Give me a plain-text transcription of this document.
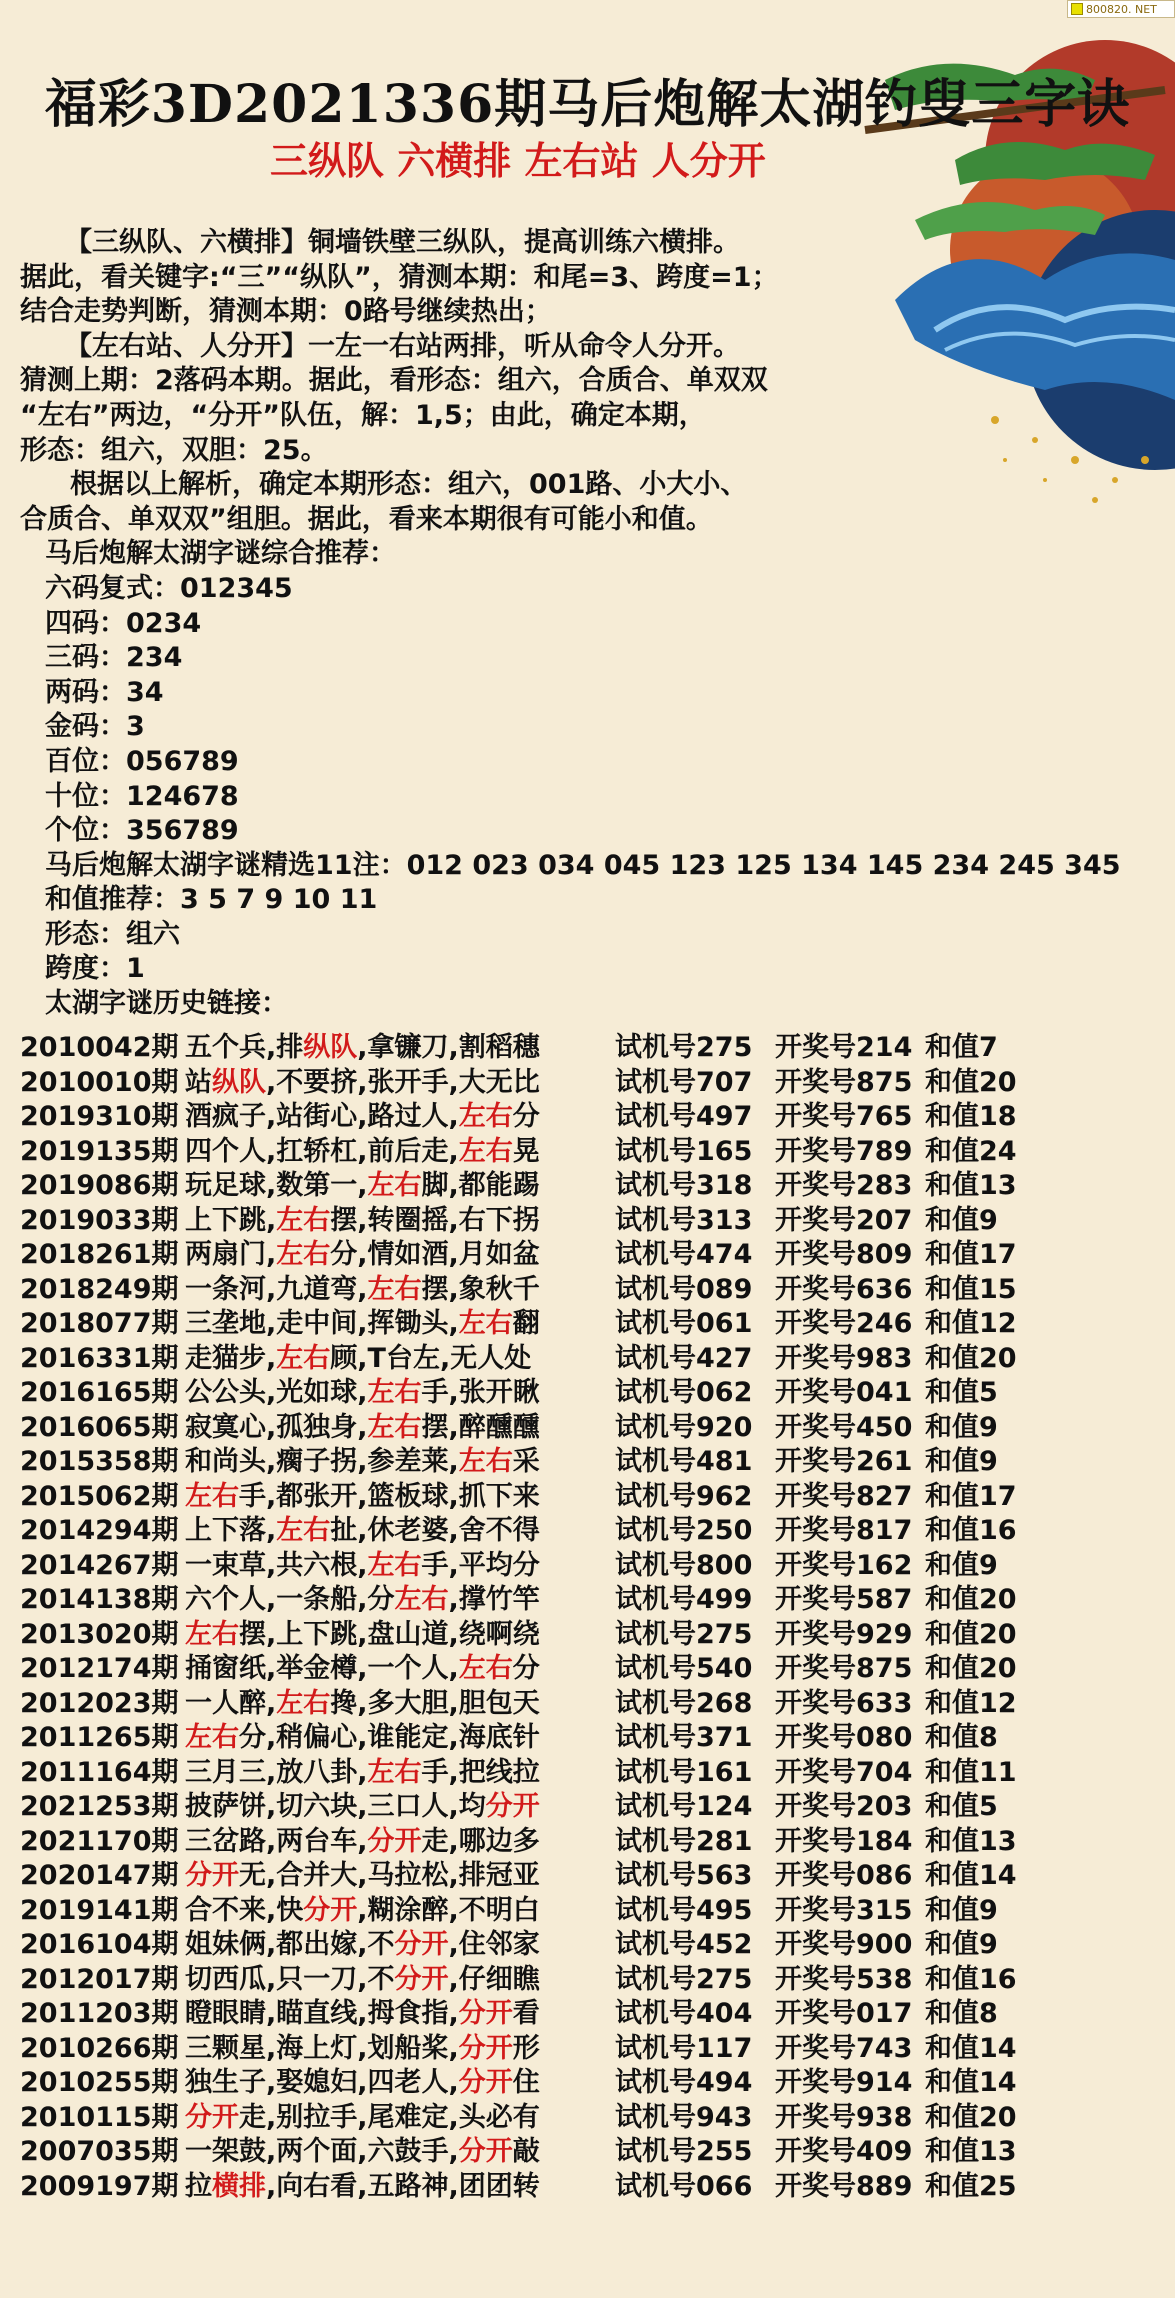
800820. NET
福彩3D2021336期马后炮解太湖钓叟三字诀
三纵队 六横排 左右站 人分开
【三纵队、六横排】铜墙铁壁三纵队，提高训练六横排。
据此，看关键字:“三”“纵队”，猜测本期：和尾=3、跨度=1；
结合走势判断，猜测本期：0路号继续热出；
【左右站、人分开】一左一右站两排，听从命令人分开。
猜测上期：2落码本期。据此，看形态：组六，合质合、单双双
“左右”两边，“分开”队伍，解：1,5；由此，确定本期，
形态：组六，双胆：25。
根据以上解析，确定本期形态：组六，001路、小大小、
合质合、单双双”组胆。据此，看来本期很有可能小和值。
马后炮解太湖字谜综合推荐：
六码复式：012345
四码：0234
三码：234
两码：34
金码：3
百位：056789
十位：124678
个位：356789
马后炮解太湖字谜精选11注：012 023 034 045 123 125 134 145 234 245 345
和值推荐：3 5 7 9 10 11
形态：组六
跨度：1
太湖字谜历史链接：
2010042期 五个兵,排纵队,拿镰刀,割稻穗	试机号275 开奖号214 和值7
2010010期 站纵队,不要挤,张开手,大无比	试机号707 开奖号875 和值20
2019310期 酒疯子,站街心,路过人,左右分	试机号497 开奖号765 和值18
2019135期 四个人,扛轿杠,前后走,左右晃	试机号165 开奖号789 和值24
2019086期 玩足球,数第一,左右脚,都能踢	试机号318 开奖号283 和值13
2019033期 上下跳,左右摆,转圈摇,右下拐	试机号313 开奖号207 和值9
2018261期 两扇门,左右分,情如酒,月如盆	试机号474 开奖号809 和值17
2018249期 一条河,九道弯,左右摆,象秋千	试机号089 开奖号636 和值15
2018077期 三垄地,走中间,挥锄头,左右翻	试机号061 开奖号246 和值12
2016331期 走猫步,左右顾,T台左,无人处	试机号427 开奖号983 和值20
2016165期 公公头,光如球,左右手,张开瞅	试机号062 开奖号041 和值5
2016065期 寂寞心,孤独身,左右摆,醉醺醺	试机号920 开奖号450 和值9
2015358期 和尚头,瘸子拐,参差莱,左右采	试机号481 开奖号261 和值9
2015062期 左右手,都张开,篮板球,抓下来	试机号962 开奖号827 和值17
2014294期 上下落,左右扯,休老婆,舍不得	试机号250 开奖号817 和值16
2014267期 一束草,共六根,左右手,平均分	试机号800 开奖号162 和值9
2014138期 六个人,一条船,分左右,撑竹竿	试机号499 开奖号587 和值20
2013020期 左右摆,上下跳,盘山道,绕啊绕	试机号275 开奖号929 和值20
2012174期 捅窗纸,举金樽,一个人,左右分	试机号540 开奖号875 和值20
2012023期 一人醉,左右搀,多大胆,胆包天	试机号268 开奖号633 和值12
2011265期 左右分,稍偏心,谁能定,海底针	试机号371 开奖号080 和值8
2011164期 三月三,放八卦,左右手,把线拉	试机号161 开奖号704 和值11
2021253期 披萨饼,切六块,三口人,均分开	试机号124 开奖号203 和值5
2021170期 三岔路,两台车,分开走,哪边多	试机号281 开奖号184 和值13
2020147期 分开无,合并大,马拉松,排冠亚	试机号563 开奖号086 和值14
2019141期 合不来,快分开,糊涂醉,不明白	试机号495 开奖号315 和值9
2016104期 姐妹俩,都出嫁,不分开,住邻家	试机号452 开奖号900 和值9
2012017期 切西瓜,只一刀,不分开,仔细瞧	试机号275 开奖号538 和值16
2011203期 瞪眼睛,瞄直线,拇食指,分开看	试机号404 开奖号017 和值8
2010266期 三颗星,海上灯,划船桨,分开形	试机号117 开奖号743 和值14
2010255期 独生子,娶媳妇,四老人,分开住	试机号494 开奖号914 和值14
2010115期 分开走,别拉手,尾难定,头必有	试机号943 开奖号938 和值20
2007035期 一架鼓,两个面,六鼓手,分开敲	试机号255 开奖号409 和值13
2009197期 拉横排,向右看,五路神,团团转	试机号066 开奖号889 和值25
